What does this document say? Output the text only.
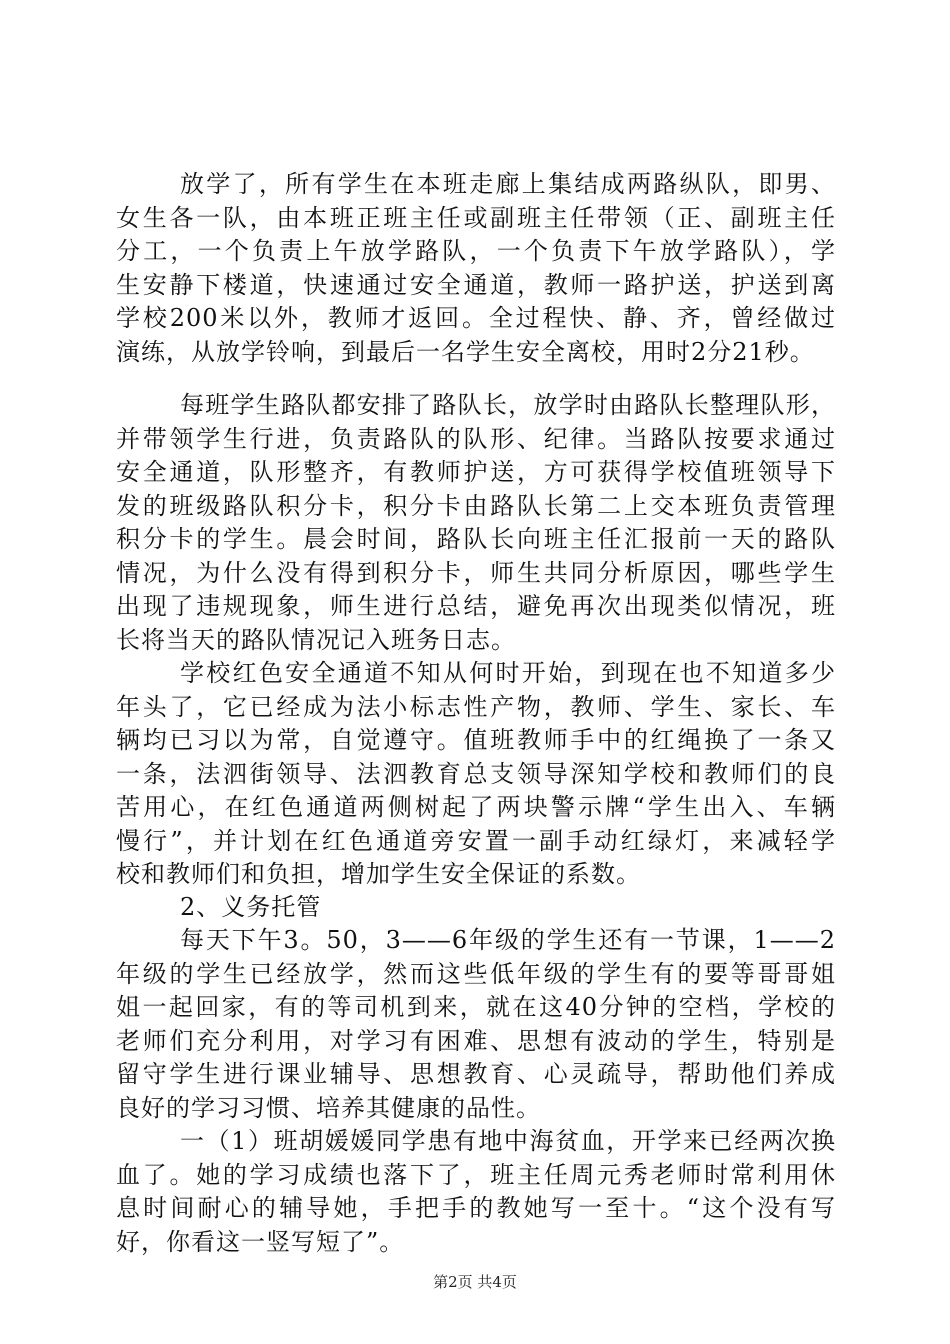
放学了，所有学生在本班走廊上集结成两路纵队，即男、
女生各一队，由本班正班主任或副班主任带领（正、副班主任
分工，一个负责上午放学路队，一个负责下午放学路队），学
生安静下楼道，快速通过安全通道，教师一路护送，护送到离
学校200米以外，教师才返回。全过程快、静、齐，曾经做过
演练，从放学铃响，到最后一名学生安全离校，用时2分21秒。
每班学生路队都安排了路队长，放学时由路队长整理队形，
并带领学生行进，负责路队的队形、纪律。当路队按要求通过
安全通道，队形整齐，有教师护送，方可获得学校值班领导下
发的班级路队积分卡，积分卡由路队长第二上交本班负责管理
积分卡的学生。晨会时间，路队长向班主任汇报前一天的路队
情况，为什么没有得到积分卡，师生共同分析原因，哪些学生
出现了违规现象，师生进行总结，避免再次出现类似情况，班
长将当天的路队情况记入班务日志。
学校红色安全通道不知从何时开始，到现在也不知道多少
年头了，它已经成为法小标志性产物，教师、学生、家长、车
辆均已习以为常，自觉遵守。值班教师手中的红绳换了一条又
一条，法泗街领导、法泗教育总支领导深知学校和教师们的良
苦用心，在红色通道两侧树起了两块警示牌“学生出入、车辆
慢行”，并计划在红色通道旁安置一副手动红绿灯，来减轻学
校和教师们和负担，增加学生安全保证的系数。
2、义务托管
每天下午3。50，3——6年级的学生还有一节课，1——2
年级的学生已经放学，然而这些低年级的学生有的要等哥哥姐
姐一起回家，有的等司机到来，就在这40分钟的空档，学校的
老师们充分利用，对学习有困难、思想有波动的学生，特别是
留守学生进行课业辅导、思想教育、心灵疏导，帮助他们养成
良好的学习习惯、培养其健康的品性。
一（1）班胡媛媛同学患有地中海贫血，开学来已经两次换
血了。她的学习成绩也落下了，班主任周元秀老师时常利用休
息时间耐心的辅导她，手把手的教她写一至十。“这个没有写
好，你看这一竖写短了”。
第2页 共4页
